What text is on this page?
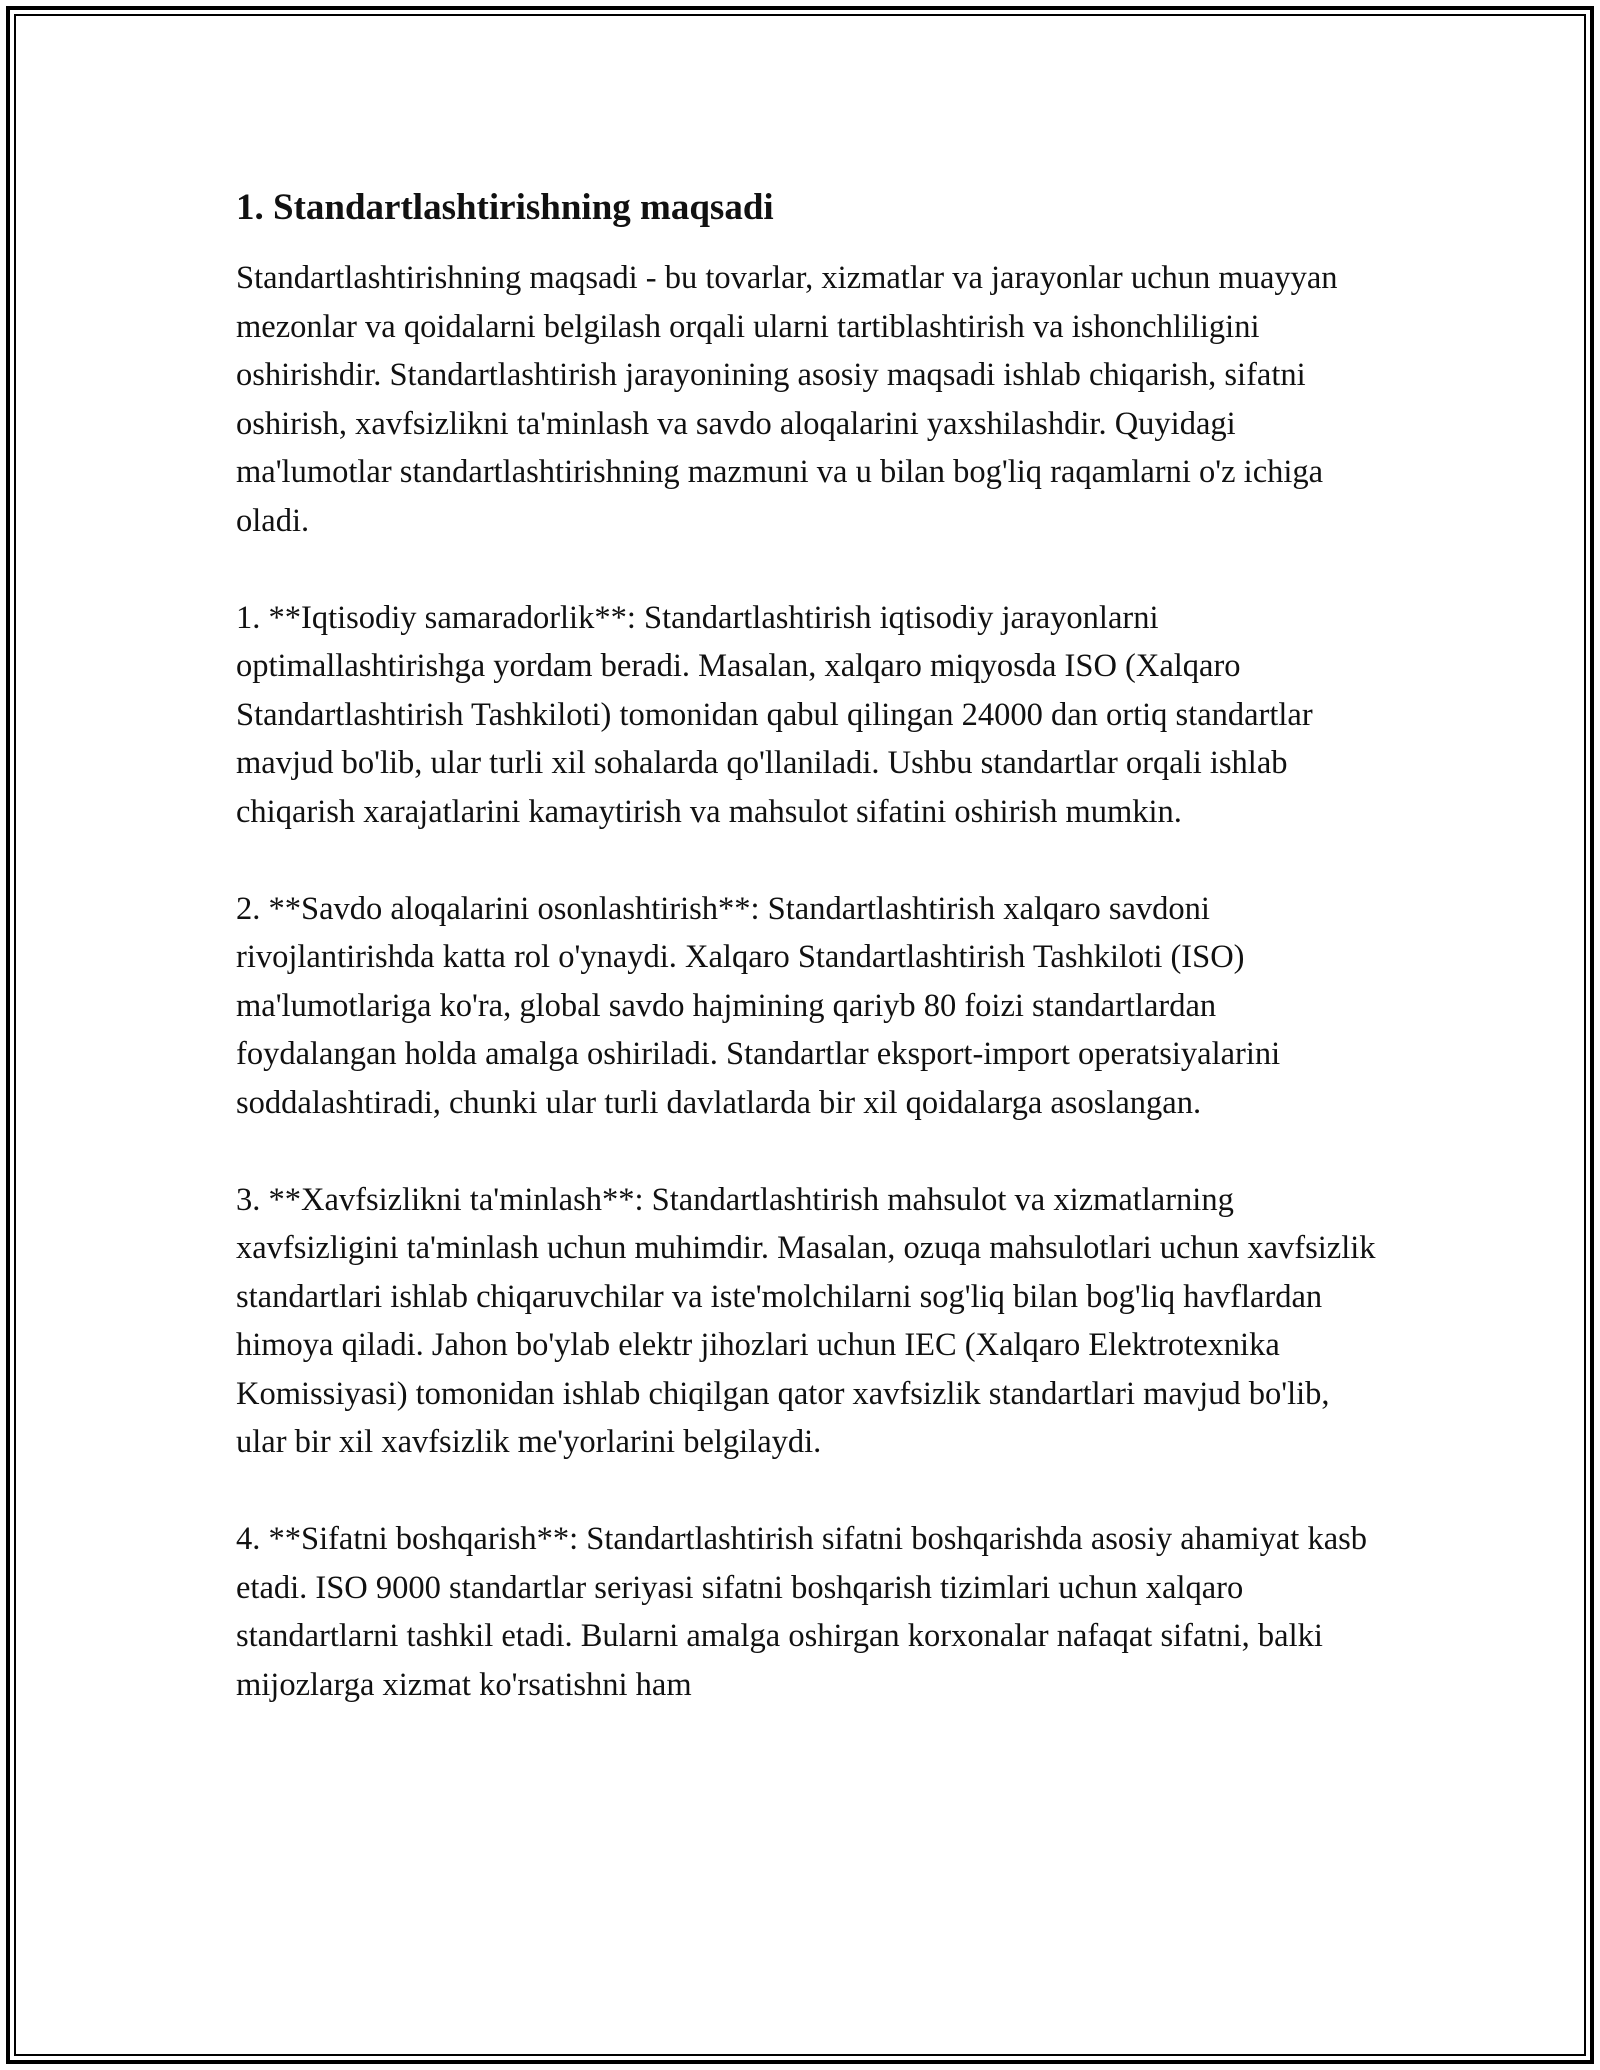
1. Standartlashtirishning maqsadi

Standartlashtirishning maqsadi - bu tovarlar, xizmatlar va jarayonlar uchun muayyan mezonlar va qoidalarni belgilash orqali ularni tartiblashtirish va ishonchliligini oshirishdir. Standartlashtirish jarayonining asosiy maqsadi ishlab chiqarish, sifatni oshirish, xavfsizlikni ta'minlash va savdo aloqalarini yaxshilashdir. Quyidagi ma'lumotlar standartlashtirishning mazmuni va u bilan bog'liq raqamlarni o'z ichiga oladi.

1. **Iqtisodiy samaradorlik**: Standartlashtirish iqtisodiy jarayonlarni optimallashtirishga yordam beradi. Masalan, xalqaro miqyosda ISO (Xalqaro Standartlashtirish Tashkiloti) tomonidan qabul qilingan 24000 dan ortiq standartlar mavjud bo'lib, ular turli xil sohalarda qo'llaniladi. Ushbu standartlar orqali ishlab chiqarish xarajatlarini kamaytirish va mahsulot sifatini oshirish mumkin.

2. **Savdo aloqalarini osonlashtirish**: Standartlashtirish xalqaro savdoni rivojlantirishda katta rol o'ynaydi. Xalqaro Standartlashtirish Tashkiloti (ISO) ma'lumotlariga ko'ra, global savdo hajmining qariyb 80 foizi standartlardan foydalangan holda amalga oshiriladi. Standartlar eksport-import operatsiyalarini soddalashtiradi, chunki ular turli davlatlarda bir xil qoidalarga asoslangan.

3. **Xavfsizlikni ta'minlash**: Standartlashtirish mahsulot va xizmatlarning xavfsizligini ta'minlash uchun muhimdir. Masalan, ozuqa mahsulotlari uchun xavfsizlik standartlari ishlab chiqaruvchilar va iste'molchilarni sog'liq bilan bog'liq havflardan himoya qiladi. Jahon bo'ylab elektr jihozlari uchun IEC (Xalqaro Elektrotexnika Komissiyasi) tomonidan ishlab chiqilgan qator xavfsizlik standartlari mavjud bo'lib, ular bir xil xavfsizlik me'yorlarini belgilaydi.

4. **Sifatni boshqarish**: Standartlashtirish sifatni boshqarishda asosiy ahamiyat kasb etadi. ISO 9000 standartlar seriyasi sifatni boshqarish tizimlari uchun xalqaro standartlarni tashkil etadi. Bularni amalga oshirgan korxonalar nafaqat sifatni, balki mijozlarga xizmat ko'rsatishni ham
